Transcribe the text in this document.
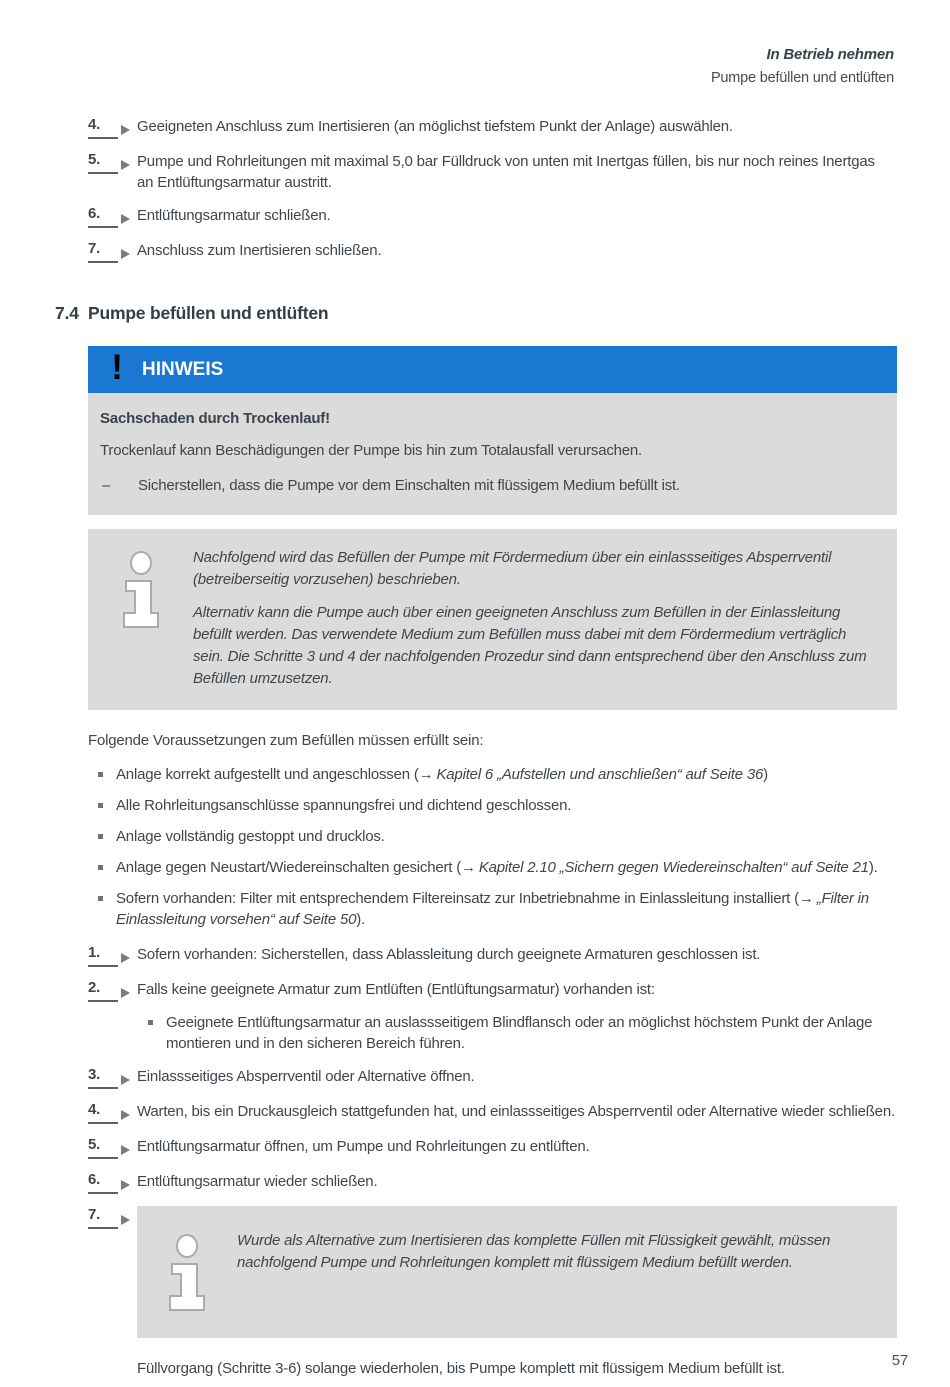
In Betrieb nehmen
Pumpe befüllen und entlüften
4.	Geeigneten Anschluss zum Inertisieren (an möglichst tiefstem Punkt der Anlage) auswählen.
5.	Pumpe und Rohrleitungen mit maximal 5,0 bar Fülldruck von unten mit Inertgas füllen, bis nur noch reines Inertgas an Entlüftungsarmatur austritt.
6.	Entlüftungsarmatur schließen.
7.	Anschluss zum Inertisieren schließen.
7.4 Pumpe befüllen und entlüften
!	HINWEIS
Sachschaden durch Trockenlauf!
Trockenlauf kann Beschädigungen der Pumpe bis hin zum Totalausfall verursachen.
–	Sicherstellen, dass die Pumpe vor dem Einschalten mit flüssigem Medium befüllt ist.

Nachfolgend wird das Befüllen der Pumpe mit Fördermedium über ein einlassseitiges Absperrventil (betreiberseitig vorzusehen) beschrieben.

Alternativ kann die Pumpe auch über einen geeigneten Anschluss zum Befüllen in der Einlassleitung befüllt werden. Das verwendete Medium zum Befüllen muss dabei mit dem Fördermedium verträglich sein. Die Schritte 3 und 4 der nachfolgenden Prozedur sind dann entsprechend über den Anschluss zum Befüllen umzusetzen.

Folgende Voraussetzungen zum Befüllen müssen erfüllt sein:

Anlage korrekt aufgestellt und angeschlossen (→ Kapitel 6 „Aufstellen und anschließen“ auf Seite 36)
Alle Rohrleitungsanschlüsse spannungsfrei und dichtend geschlossen.
Anlage vollständig gestoppt und drucklos.
Anlage gegen Neustart/Wiedereinschalten gesichert (→ Kapitel 2.10 „Sichern gegen Wiedereinschalten“ auf Seite 21).
Sofern vorhanden: Filter mit entsprechendem Filtereinsatz zur Inbetriebnahme in Einlassleitung installiert (→ „Filter in Einlassleitung vorsehen“ auf Seite 50).
1.	Sofern vorhanden: Sicherstellen, dass Ablassleitung durch geeignete Armaturen geschlossen ist.
2.	Falls keine geeignete Armatur zum Entlüften (Entlüftungsarmatur) vorhanden ist:
Geeignete Entlüftungsarmatur an auslassseitigem Blindflansch oder an möglichst höchstem Punkt der Anlage montieren und in den sicheren Bereich führen.
3.	Einlassseitiges Absperrventil oder Alternative öffnen.
4.	Warten, bis ein Druckausgleich stattgefunden hat, und einlassseitiges Absperrventil oder Alternative wieder schließen.
5.	Entlüftungsarmatur öffnen, um Pumpe und Rohrleitungen zu entlüften.
6.	Entlüftungsarmatur wieder schließen.
7.

Wurde als Alternative zum Inertisieren das komplette Füllen mit Flüssigkeit gewählt, müssen nachfolgend Pumpe und Rohrleitungen komplett mit flüssigem Medium befüllt werden.

Füllvorgang (Schritte 3-6) solange wiederholen, bis Pumpe komplett mit flüssigem Medium befüllt ist.	57
